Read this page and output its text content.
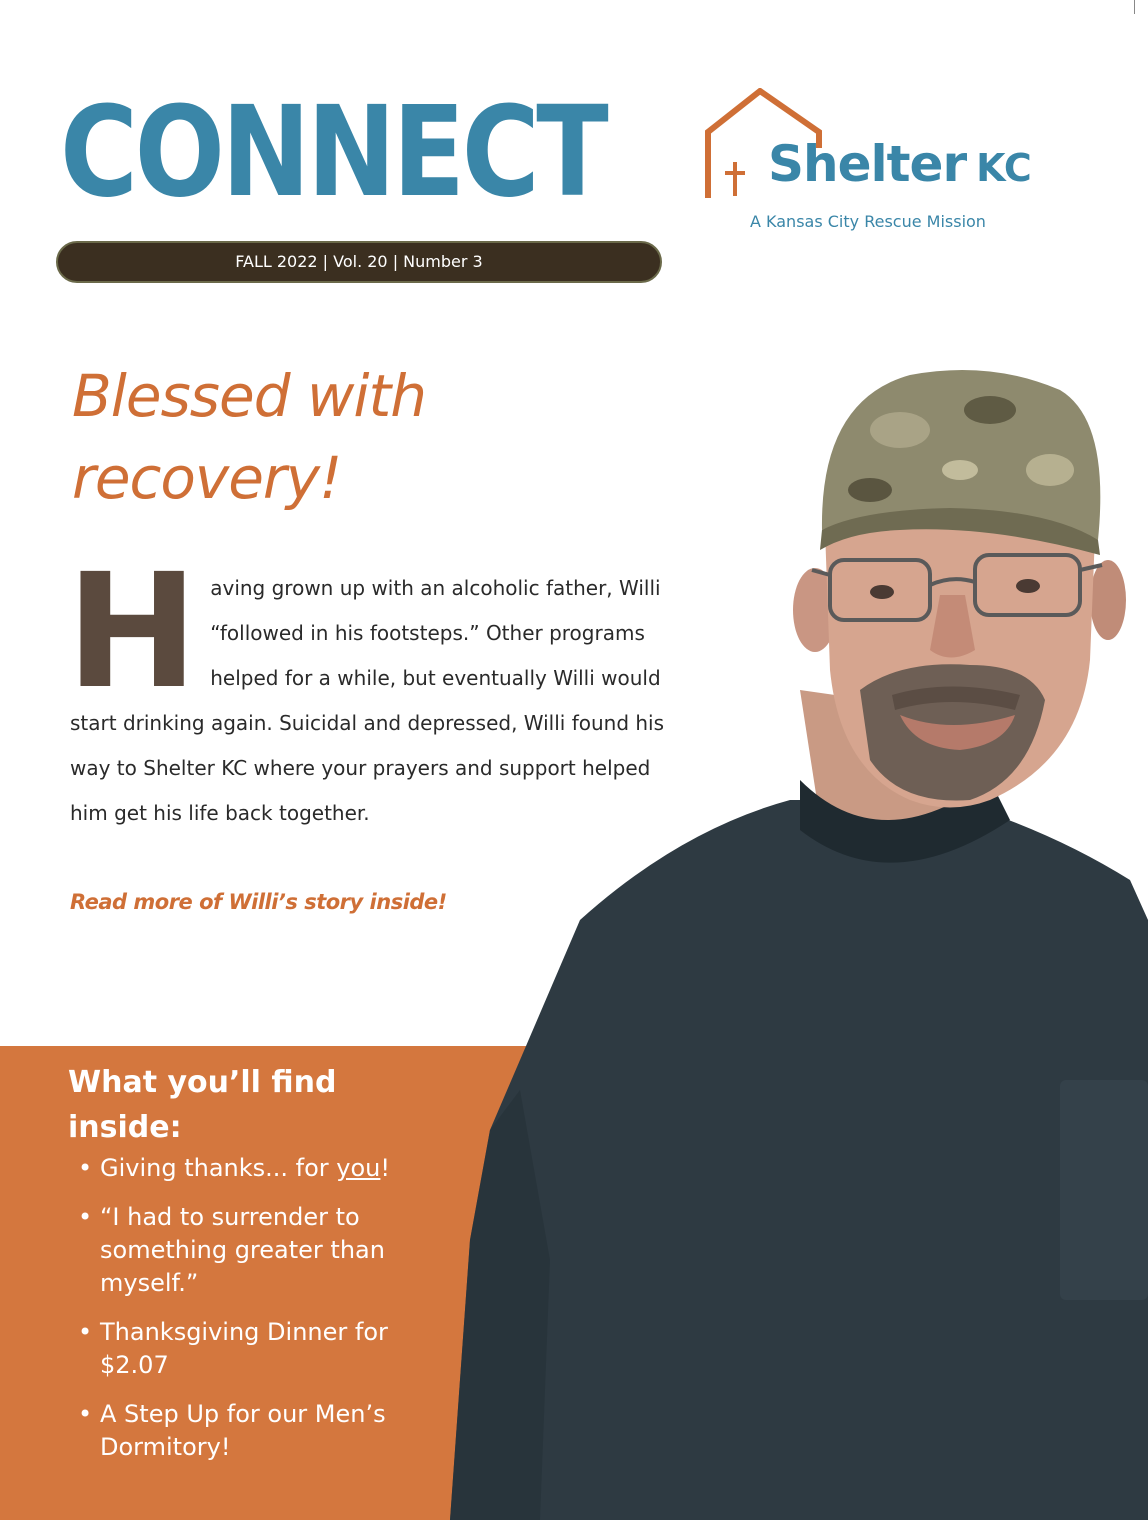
CONNECT	Shelter KC
A Kansas City Rescue Mission
FALL 2022 | Vol. 20 | Number 3
Blessed with
recovery!
H aving grown up with an alcoholic father, Willi “followed in his footsteps.” Other programs helped for a while, but eventually Willi would start drinking again. Suicidal and depressed, Willi found his way to Shelter KC where your prayers and support helped him get his life back together.
Read more of Willi’s story inside!
What you’ll find inside:
• Giving thanks... for you!
• “I had to surrender to something greater than myself.”
• Thanksgiving Dinner for $2.07
• A Step Up for our Men’s Dormitory!
